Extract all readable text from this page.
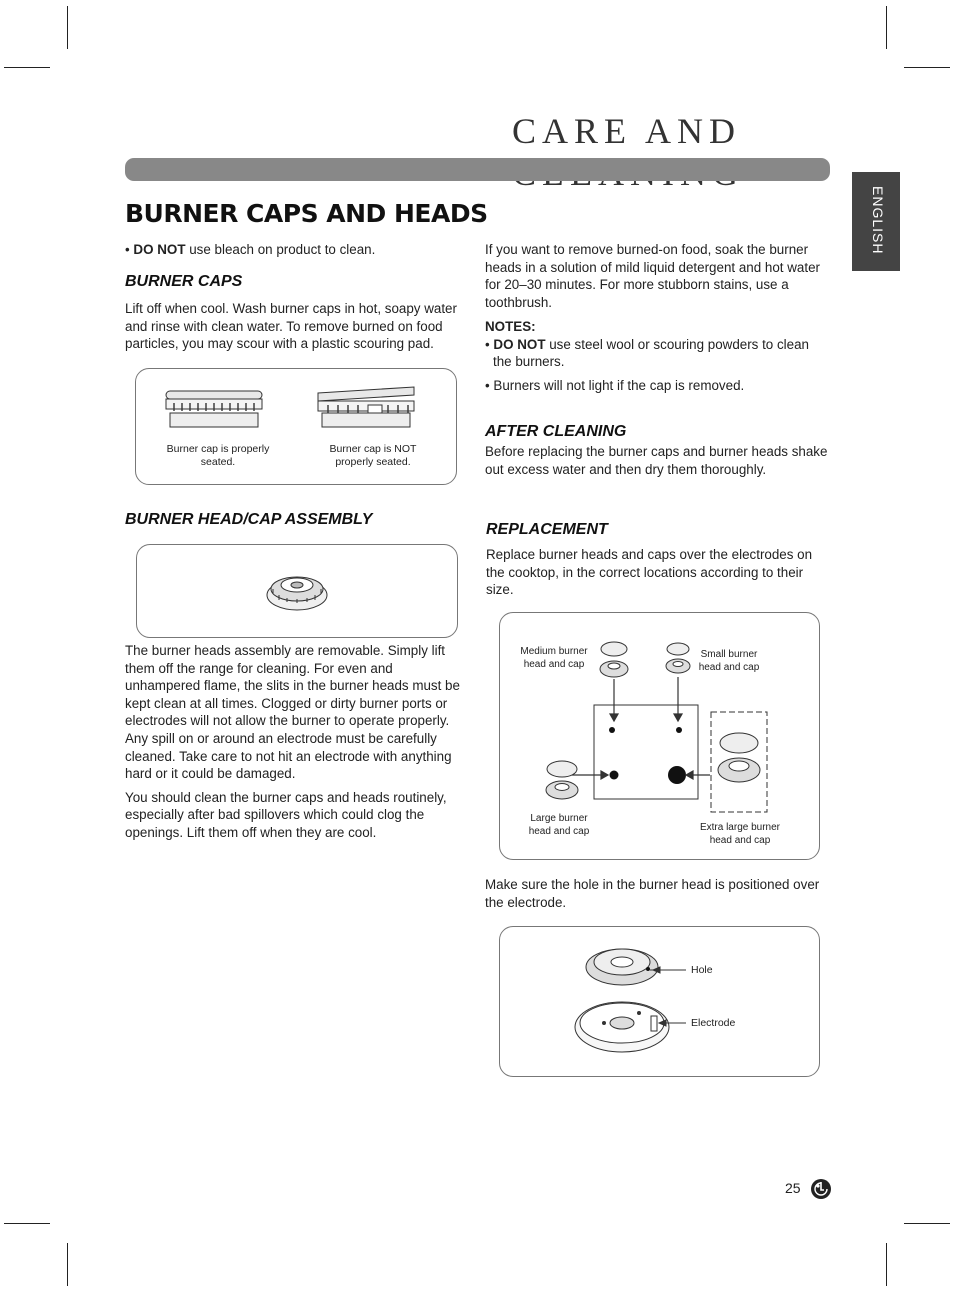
CARE AND
ENGLISH
BURNER CAPS AND HEADS
• DO NOT use bleach on product to clean.
BURNER CAPS
Lift off when cool. Wash burner caps in hot, soapy water and rinse with clean water. To remove burned on food particles, you may scour with a plastic scouring pad.
Burner cap is properly seated.
Burner cap is NOT properly seated.
BURNER HEAD/CAP ASSEMBLY

The burner heads assembly are removable. Simply lift them off the range for cleaning. For even and unhampered flame, the slits in the burner heads must be kept clean at all times. Clogged or dirty burner ports or electrodes will not allow the burner to operate properly. Any spill on or around an electrode must be carefully cleaned. Take care to not hit an electrode with anything hard or it could be damaged.

You should clean the burner caps and heads routinely, especially after bad spillovers which could clog the openings. Lift them off when they are cool.

If you want to remove burned-on food, soak the burner heads in a solution of mild liquid detergent and hot water for 20–30 minutes. For more stubborn stains, use a toothbrush.

NOTES:

• DO NOT use steel wool or scouring powders to clean the burners.

• Burners will not light if the cap is removed.

AFTER CLEANING
Before replacing the burner caps and burner heads shake out excess water and then dry them thoroughly.
REPLACEMENT
Replace burner heads and caps over the electrodes on the cooktop, in the correct locations according to their size.
Medium burner head and cap
Small burner head and cap
Large burner head and cap	Extra large burner head and cap
Make sure the hole in the burner head is positioned over the electrode.
Hole
Electrode
25
